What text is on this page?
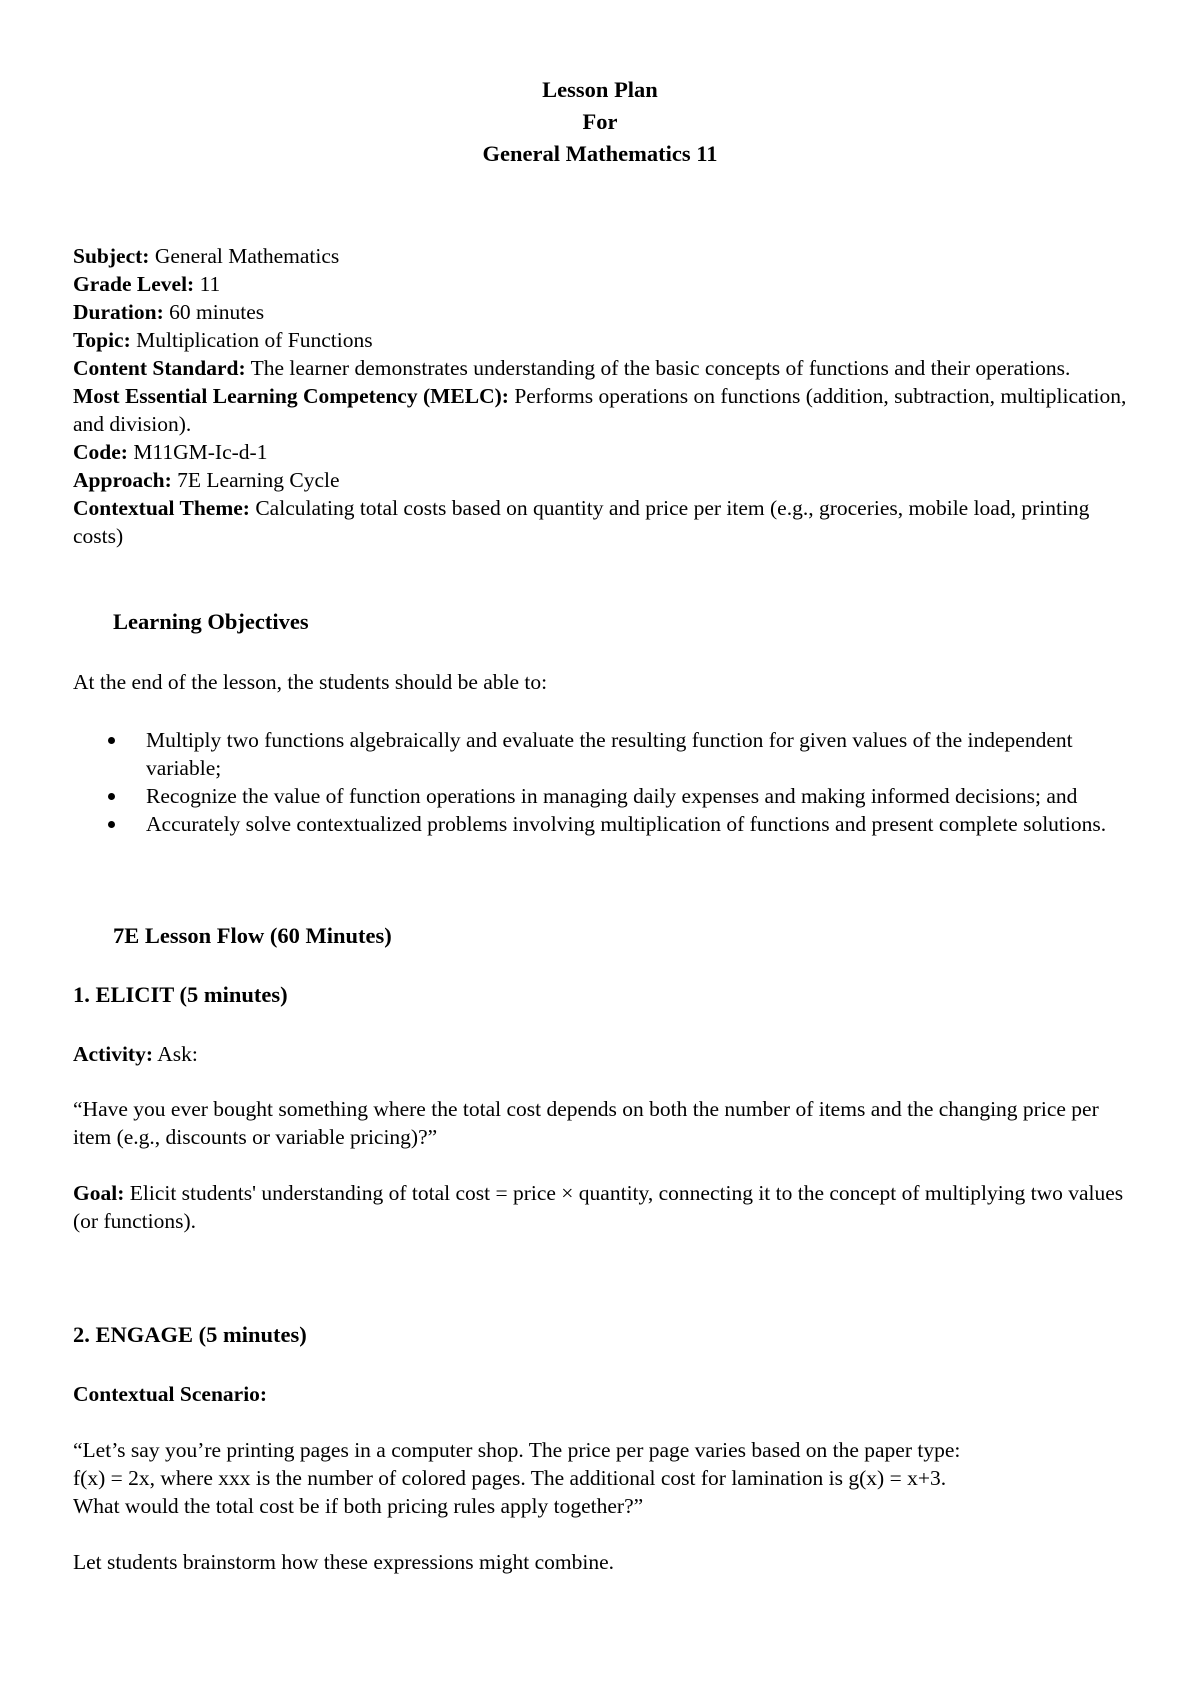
Lesson Plan
For
General Mathematics 11

Subject: General Mathematics

Grade Level: 11

Duration: 60 minutes

Topic: Multiplication of Functions

Content Standard: The learner demonstrates understanding of the basic concepts of functions and their operations.

Most Essential Learning Competency (MELC): Performs operations on functions (addition, subtraction, multiplication, and division).

Code: M11GM-Ic-d-1

Approach: 7E Learning Cycle

Contextual Theme: Calculating total costs based on quantity and price per item (e.g., groceries, mobile load, printing costs)

Learning Objectives
At the end of the lesson, the students should be able to:
Multiply two functions algebraically and evaluate the resulting function for given values of the independent variable;
Recognize the value of function operations in managing daily expenses and making informed decisions; and
Accurately solve contextualized problems involving multiplication of functions and present complete solutions.
7E Lesson Flow (60 Minutes)
1. ELICIT (5 minutes)

Activity: Ask:

“Have you ever bought something where the total cost depends on both the number of items and the changing price per item (e.g., discounts or variable pricing)?”

Goal: Elicit students' understanding of total cost = price × quantity, connecting it to the concept of multiplying two values (or functions).

2. ENGAGE (5 minutes)
Contextual Scenario:

“Let’s say you’re printing pages in a computer shop. The price per page varies based on the paper type:

f(x) = 2x, where xxx is the number of colored pages. The additional cost for lamination is g(x) = x+3.

What would the total cost be if both pricing rules apply together?”

Let students brainstorm how these expressions might combine.
